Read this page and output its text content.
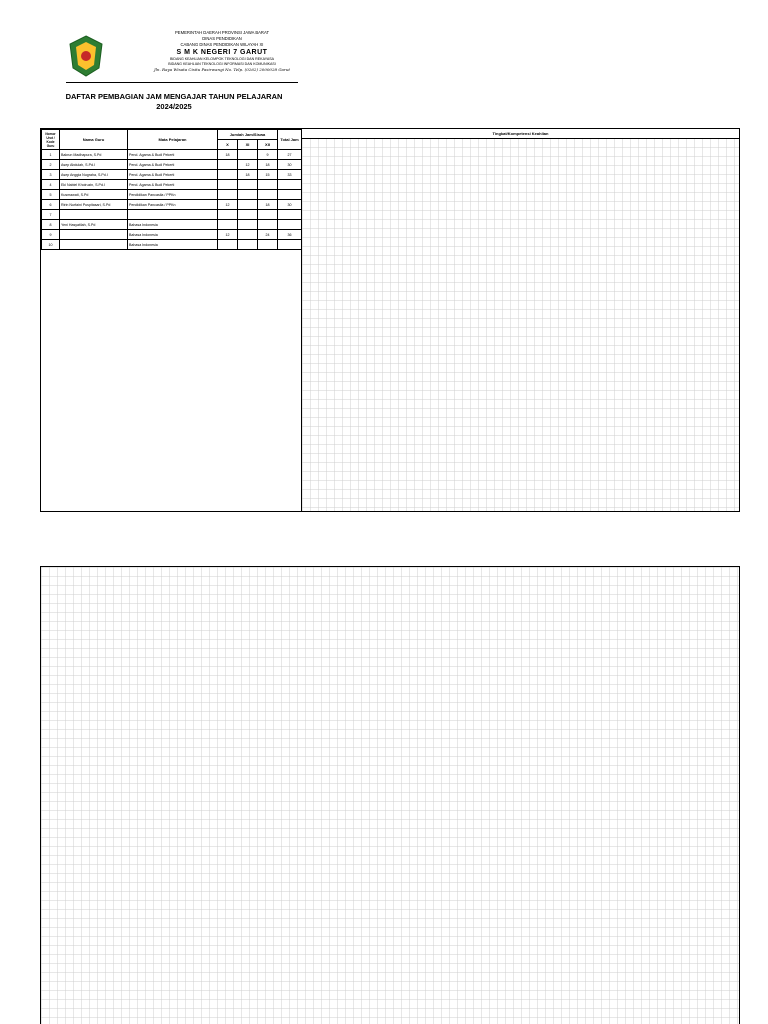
PEMERINTAH DAERAH PROVINSI JAWA BARAT
DINAS PENDIDIKAN
CABANG DINAS PENDIDIKAN WILAYAH XI
S M K NEGERI 7 GARUT
BIDANG KEAHLIAN KELOMPOK TEKNOLOGI DAN REKAYASA
BIDANG KEAHLIAN TEKNOLOGI INFORMASI DAN KOMUNIKASI
Jln. Raya Wisata Cisitu Pasirwangi No. Telp. (0262) 2000028 Garut
DAFTAR PEMBAGIAN JAM MENGAJAR TAHUN PELAJARAN
2024/2025
Nomor Urut / Kode Guru	Nama Guru	Mata Pelajaran	Jumlah Jam/Siswa			Total Jam
			X	XI	XII	
1	Bakrun Madhapura, S.Pd	Pend. Agama & Budi Pekerti	18		9	27
2	Asep Abdulah, S.Pd.I	Pend. Agama & Budi Pekerti		12	18	30
3	Asep Anggia Nugraha, S.Pd.I	Pend. Agama & Budi Pekerti		18	15	33
4	Eki Nabiel Khoiruzin, S.Pd.I	Pend. Agama & Budi Pekerti				
5	Kusmawati, S.Pd	Pendidikan Pancasila / PPKn				
6	Ririn Nurfaini Puspitasari, S.Pd	Pendidikan Pancasila / PPKn	12		18	30
7						
8	Yeni Hasyatilah, S.Pd	Bahasa Indonesia				
9		Bahasa Indonesia	12		24	36
10		Bahasa Indonesia				
Tingkat/Kompetensi Keahlian
